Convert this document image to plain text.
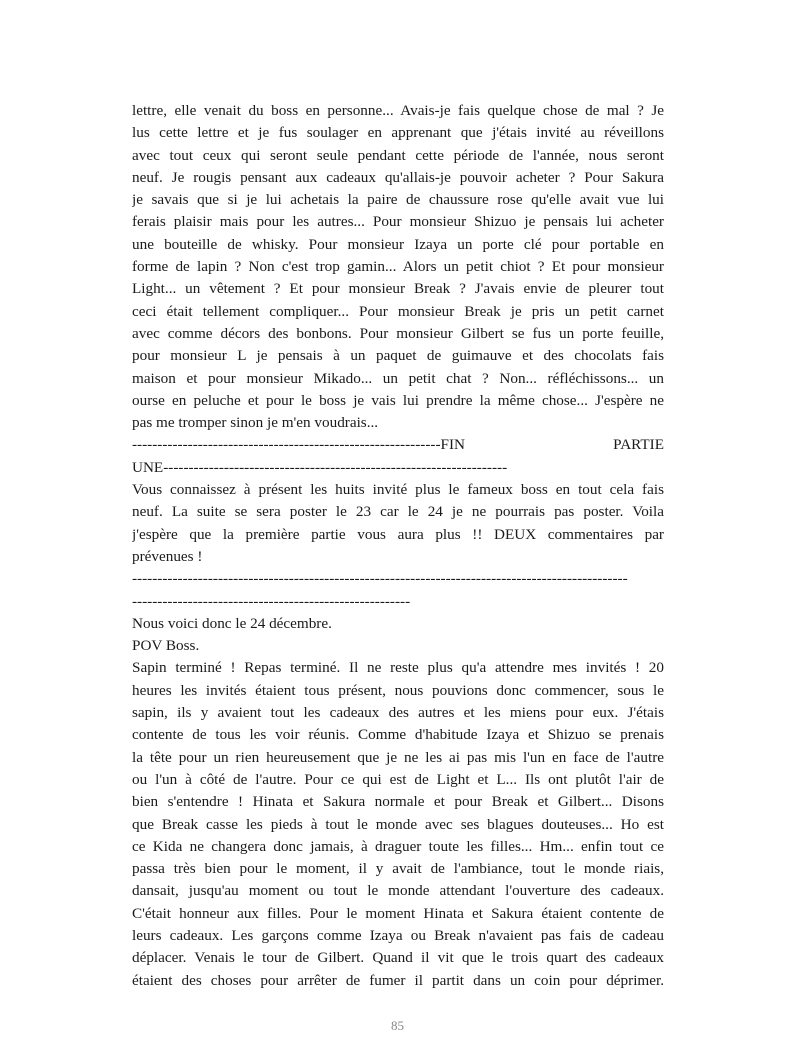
lettre, elle venait du boss en personne... Avais-je fais quelque chose de mal ? Je
lus cette lettre et je fus soulager en apprenant que j'étais invité au réveillons
avec tout ceux qui seront seule pendant cette période de l'année, nous seront
neuf. Je rougis pensant aux cadeaux qu'allais-je pouvoir acheter ? Pour Sakura
je savais que si je lui achetais la paire de chaussure rose qu'elle avait vue lui
ferais plaisir mais pour les autres... Pour monsieur Shizuo je pensais lui acheter
une bouteille de whisky. Pour monsieur Izaya un porte clé pour portable en
forme de lapin ? Non c'est trop gamin... Alors un petit chiot ? Et pour monsieur
Light... un vêtement ? Et pour monsieur Break ? J'avais envie de pleurer tout
ceci était tellement compliquer... Pour monsieur Break je pris un petit carnet
avec comme décors des bonbons. Pour monsieur Gilbert se fus un porte feuille,
pour monsieur L je pensais à un paquet de guimauve et des chocolats fais
maison et pour monsieur Mikado... un petit chat ? Non... réfléchissons... un
ourse en peluche et pour le boss je vais lui prendre la même chose... J'espère ne
pas me tromper sinon je m'en voudrais...
-------------------------------------------------------------FIN PARTIE
UNE--------------------------------------------------------------------
Vous connaissez à présent les huits invité plus le fameux boss en tout cela fais
neuf. La suite se sera poster le 23 car le 24 je ne pourrais pas poster. Voila
j'espère que la première partie vous aura plus !! DEUX commentaires par
prévenues !
--------------------------------------------------------------------------------------------------
-------------------------------------------------------
Nous voici donc le 24 décembre.
POV Boss.
Sapin terminé ! Repas terminé. Il ne reste plus qu'a attendre mes invités ! 20
heures les invités étaient tous présent, nous pouvions donc commencer, sous le
sapin, ils y avaient tout les cadeaux des autres et les miens pour eux. J'étais
contente de tous les voir réunis. Comme d'habitude Izaya et Shizuo se prenais
la tête pour un rien heureusement que je ne les ai pas mis l'un en face de l'autre
ou l'un à côté de l'autre. Pour ce qui est de Light et L... Ils ont plutôt l'air de
bien s'entendre ! Hinata et Sakura normale et pour Break et Gilbert... Disons
que Break casse les pieds à tout le monde avec ses blagues douteuses... Ho est
ce Kida ne changera donc jamais, à draguer toute les filles... Hm... enfin tout ce
passa très bien pour le moment, il y avait de l'ambiance, tout le monde riais,
dansait, jusqu'au moment ou tout le monde attendant l'ouverture des cadeaux.
C'était honneur aux filles. Pour le moment Hinata et Sakura étaient contente de
leurs cadeaux. Les garçons comme Izaya ou Break n'avaient pas fais de cadeau
déplacer. Venais le tour de Gilbert. Quand il vit que le trois quart des cadeaux
étaient des choses pour arrêter de fumer il partit dans un coin pour déprimer.
85
